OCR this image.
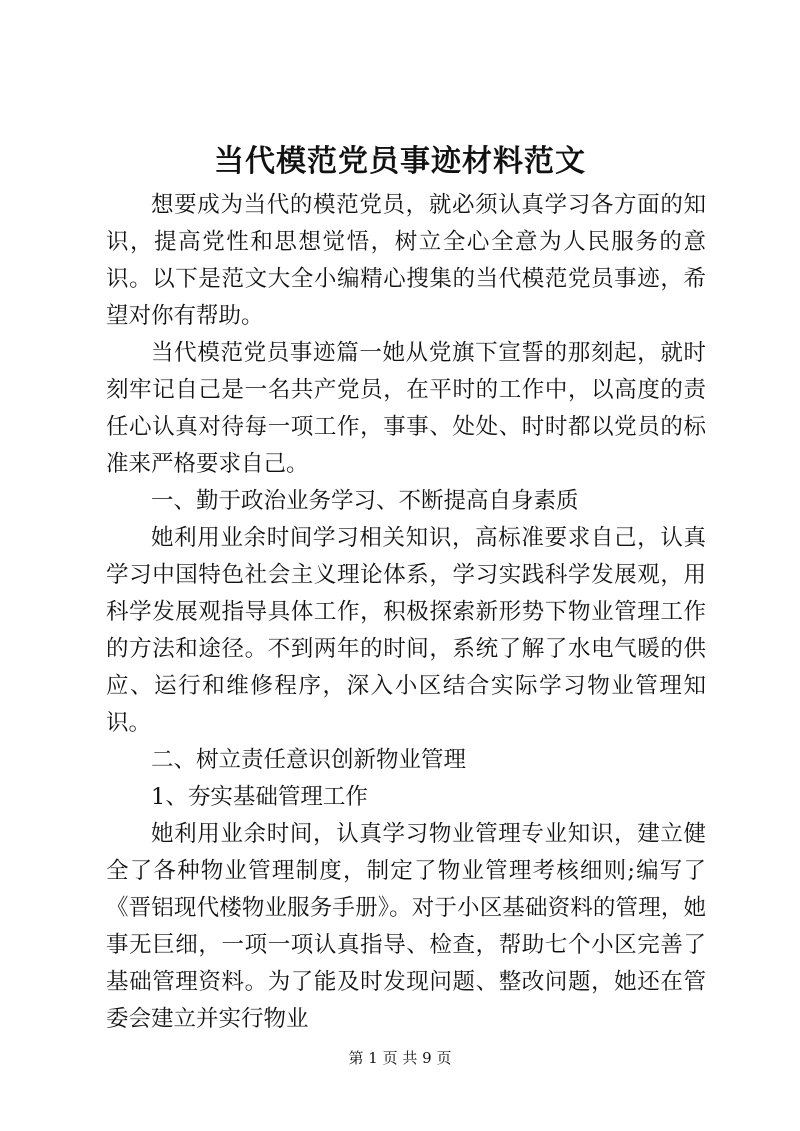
当代模范党员事迹材料范文

想要成为当代的模范党员，就必须认真学习各方面的知识，提高党性和思想觉悟，树立全心全意为人民服务的意识。以下是范文大全小编精心搜集的当代模范党员事迹，希望对你有帮助。

当代模范党员事迹篇一她从党旗下宣誓的那刻起，就时刻牢记自己是一名共产党员，在平时的工作中，以高度的责任心认真对待每一项工作，事事、处处、时时都以党员的标准来严格要求自己。

一、勤于政治业务学习、不断提高自身素质

她利用业余时间学习相关知识，高标准要求自己，认真学习中国特色社会主义理论体系，学习实践科学发展观，用科学发展观指导具体工作，积极探索新形势下物业管理工作的方法和途径。不到两年的时间，系统了解了水电气暖的供应、运行和维修程序，深入小区结合实际学习物业管理知识。

二、树立责任意识创新物业管理

1、夯实基础管理工作

她利用业余时间，认真学习物业管理专业知识，建立健全了各种物业管理制度，制定了物业管理考核细则;编写了《晋铝现代楼物业服务手册》。对于小区基础资料的管理，她事无巨细，一项一项认真指导、检查，帮助七个小区完善了基础管理资料。为了能及时发现问题、整改问题，她还在管委会建立并实行物业

第 1 页 共 9 页
